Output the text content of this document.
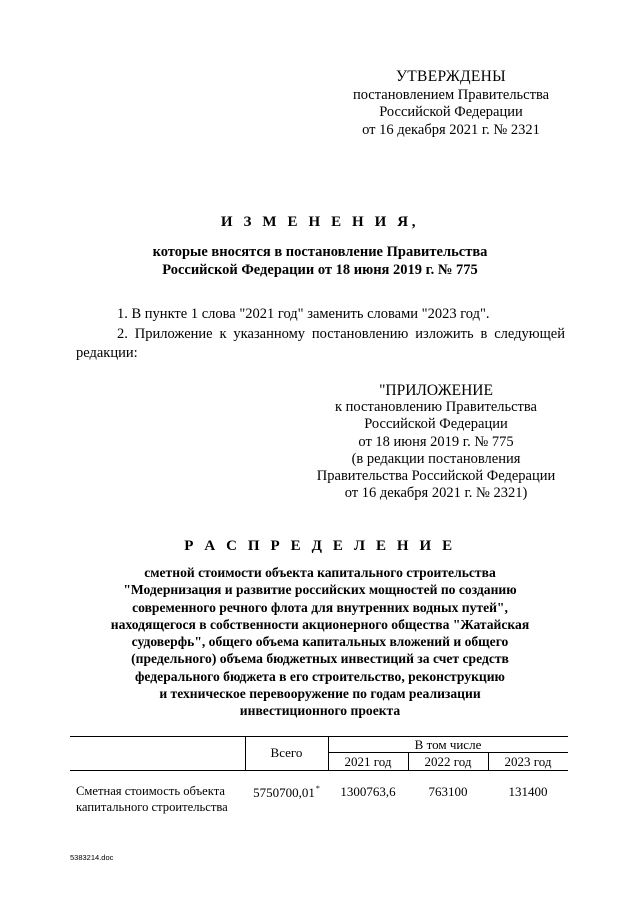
УТВЕРЖДЕНЫ
постановлением Правительства
Российской Федерации
от 16 декабря 2021 г. № 2321
И З М Е Н Е Н И Я,
которые вносятся в постановление Правительства
Российской Федерации от 18 июня 2019 г. № 775
1. В пункте 1 слова "2021 год" заменить словами "2023 год".
2. Приложение к указанному постановлению изложить в следующей
редакции:
"ПРИЛОЖЕНИЕ
к постановлению Правительства
Российской Федерации
от 18 июня 2019 г. № 775
(в редакции постановления
Правительства Российской Федерации
от 16 декабря 2021 г. № 2321)
Р А С П Р Е Д Е Л Е Н И Е
сметной стоимости объекта капитального строительства
"Модернизация и развитие российских мощностей по созданию
современного речного флота для внутренних водных путей",
находящегося в собственности акционерного общества "Жатайская
судоверфь", общего объема капитальных вложений и общего
(предельного) объема бюджетных инвестиций за счет средств
федерального бюджета в его строительство, реконструкцию
и техническое перевооружение по годам реализации
инвестиционного проекта
Всего
В том числе
2021 год	2022 год	2023 год
Сметная стоимость объекта
капитального строительства
5750700,01*	1300763,6	763100	131400
5383214.doc
